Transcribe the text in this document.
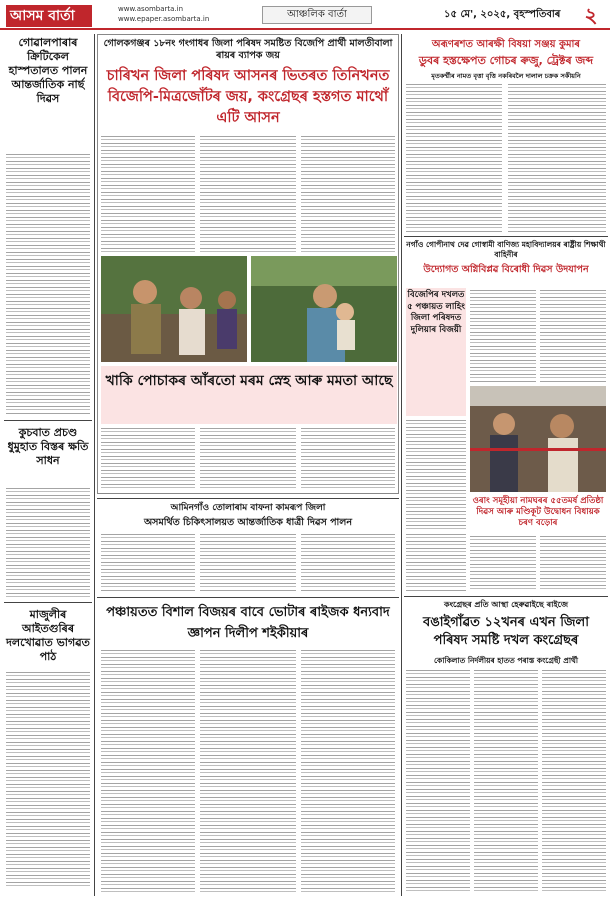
আসম বার্তা	www.asombarta.in
www.epaper.asombarta.in	আঞ্চলিক বাৰ্তা	১৫ মে', ২০২৫, বৃহস্পতিবাৰ	২
গোৱালপাৰাৰ ক্ৰিটিকেল হাস্পতালত পালন আন্তৰ্জাতিক নাৰ্ছ দিৱস
কুচবাত প্ৰচণ্ড ধুমুহাত বিস্তৰ ক্ষতি সাধন
মাজুলীৰ আইতগুৰিৰ দলখোৱাত ভাগৱত পাঠ
গোলকগঞ্জৰ ১৮নং গংগাধৰ জিলা পৰিষদ সমষ্টিত বিজেপি প্ৰাৰ্থী মালতীবালা ৰায়ৰ ব্যাপক জয়
চাৰিখন জিলা পৰিষদ আসনৰ ভিতৰত তিনিখনত বিজেপি-মিত্ৰজোঁটৰ জয়, কংগ্ৰেছৰ হস্তগত মাথোঁ এটি আসন
খাকি পোচাকৰ আঁৰতো মৰম স্নেহ আৰু মমতা আছে
আমিনগাঁও তোলাৰাম বাফনা কামৰূপ জিলা
অসমৰ্থিত চিকিৎসালয়ত আন্তৰ্জাতিক ধাত্ৰী দিৱস পালন
পঞ্চায়তত বিশাল বিজয়ৰ বাবে ভোটাৰ ৰাইজক ধন্যবাদ জ্ঞাপন দিলীপ শইকীয়াৰ
অৰূণৰশত আৰক্ষী বিষয়া সঞ্জয় কুমাৰ
ডুবৰ হস্তক্ষেপত গোচৰ ৰুজু, ট্ৰেক্টৰ জব্দ
মৃতকৰ্ম্মীৰ নামত বৃত্তা বৃত্তি নকৰিবলৈ দালাল চক্ৰক সকীয়নি
নগাঁও গোপীনাথ দেৱ গোস্বামী বাণিজ্য মহাবিদ্যালয়ৰ ৰাষ্ট্ৰীয় শিক্ষাথী বাহিনীৰ
উদ্যোগত অগ্নিবিপ্লৱ বিৰোধী দিৱস উদযাপন
বিজেপিৰ দখলত ৫ পঞ্চায়ত লাহিং জিলা পৰিষদত দুলিয়াৰ বিজয়ী
ওৰাং সমূহীয়া নামঘৰৰ ৫৫তমৰ্ষ প্ৰতিষ্ঠা দিৱস আৰু মণ্ডিকূট উদ্বোধন বিধায়ক চৰণ বড়োৰ
কংগ্ৰেছৰ প্ৰতি আস্থা হেৰুৱাইছে ৰাইজে
বঙাইগাঁৱত ১২খনৰ এখন জিলা পৰিষদ সমষ্টি দখল কংগ্ৰেছৰ
কোকিলাত নিৰ্দলীয়ৰ হাতত পৰাস্ত কংগ্ৰেছী প্ৰাৰ্থী
